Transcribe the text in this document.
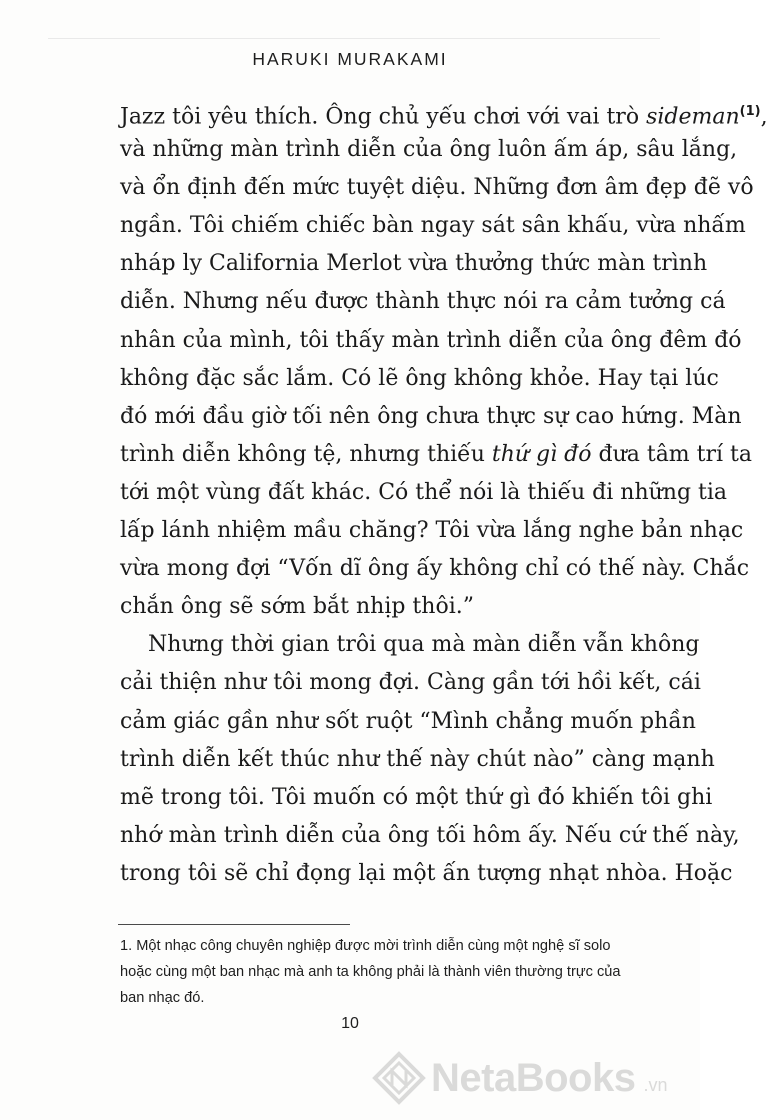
HARUKI MURAKAMI
Jazz tôi yêu thích. Ông chủ yếu chơi với vai trò sideman$^{(1)}$,
và những màn trình diễn của ông luôn ấm áp, sâu lắng,
và ổn định đến mức tuyệt diệu. Những đơn âm đẹp đẽ vô
ngần. Tôi chiếm chiếc bàn ngay sát sân khấu, vừa nhấm
nháp ly California Merlot vừa thưởng thức màn trình
diễn. Nhưng nếu được thành thực nói ra cảm tưởng cá
nhân của mình, tôi thấy màn trình diễn của ông đêm đó
không đặc sắc lắm. Có lẽ ông không khỏe. Hay tại lúc
đó mới đầu giờ tối nên ông chưa thực sự cao hứng. Màn
trình diễn không tệ, nhưng thiếu thứ gì đó đưa tâm trí ta
tới một vùng đất khác. Có thể nói là thiếu đi những tia
lấp lánh nhiệm mầu chăng? Tôi vừa lắng nghe bản nhạc
vừa mong đợi “Vốn dĩ ông ấy không chỉ có thế này. Chắc
chắn ông sẽ sớm bắt nhịp thôi.”
Nhưng thời gian trôi qua mà màn diễn vẫn không
cải thiện như tôi mong đợi. Càng gần tới hồi kết, cái
cảm giác gần như sốt ruột “Mình chẳng muốn phần
trình diễn kết thúc như thế này chút nào” càng mạnh
mẽ trong tôi. Tôi muốn có một thứ gì đó khiến tôi ghi
nhớ màn trình diễn của ông tối hôm ấy. Nếu cứ thế này,
trong tôi sẽ chỉ đọng lại một ấn tượng nhạt nhòa. Hoặc
1. Một nhạc công chuyên nghiệp được mời trình diễn cùng một nghệ sĩ solo
hoặc cùng một ban nhạc mà anh ta không phải là thành viên thường trực của
ban nhạc đó.
10
NetaBooks .vn
